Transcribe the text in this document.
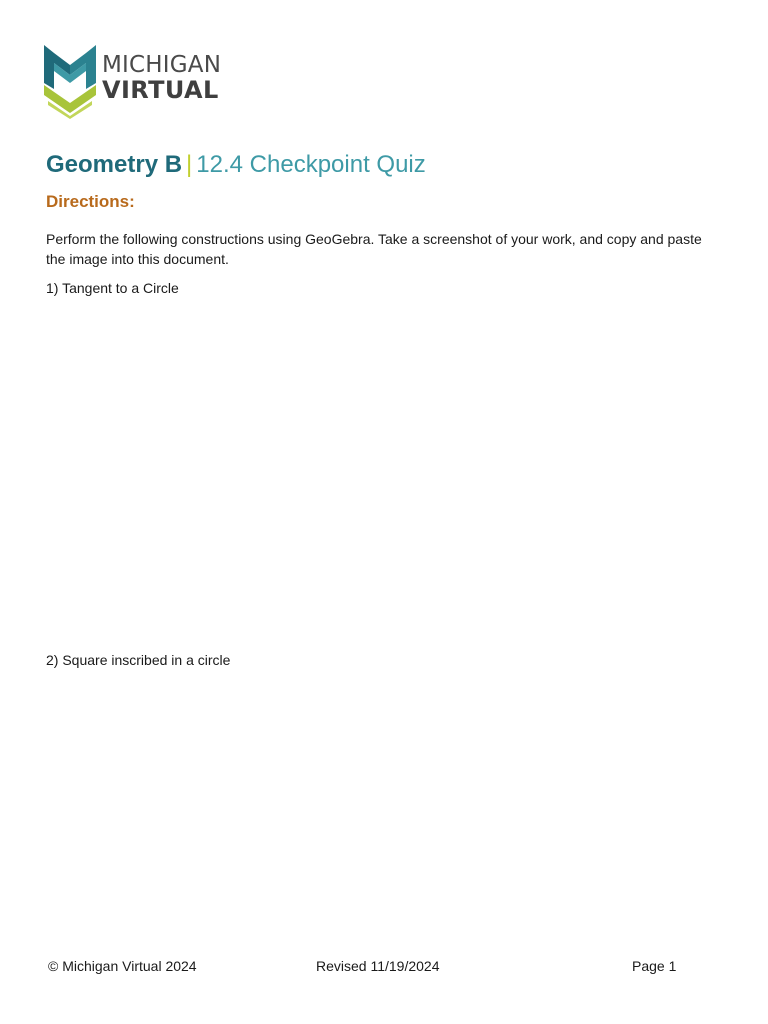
MICHIGAN
VIRTUAL
Geometry B | 12.4 Checkpoint Quiz
Directions:
Perform the following constructions using GeoGebra. Take a screenshot of your work, and copy and paste the image into this document.
1) Tangent to a Circle
2) Square inscribed in a circle
© Michigan Virtual 2024	Revised 11/19/2024	Page 1
